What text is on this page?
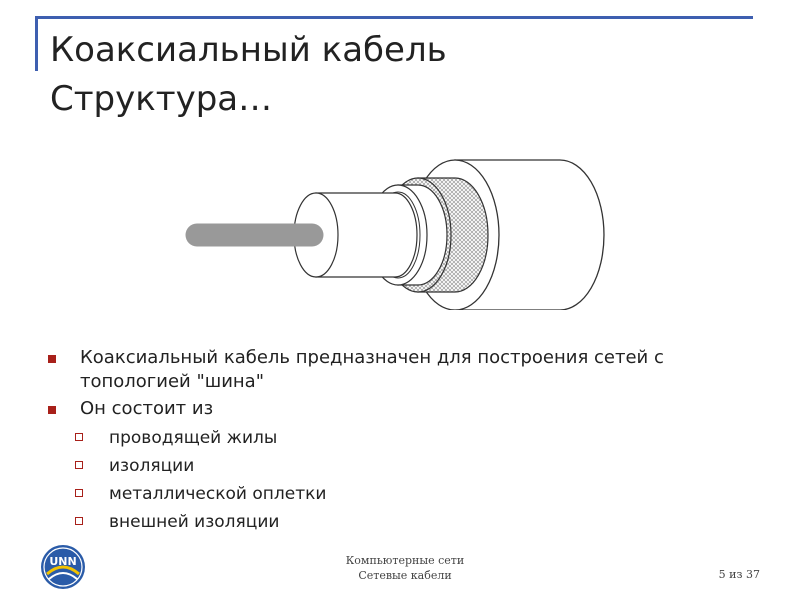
Коаксиальный кабель
Структура…
Коаксиальный кабель предназначен для построения сетей с топологией "шина"
Он состоит из
проводящей жилы
изоляции
металлической оплетки
внешней изоляции
UNN	Компьютерные сети
Сетевые кабели	5 из 37
